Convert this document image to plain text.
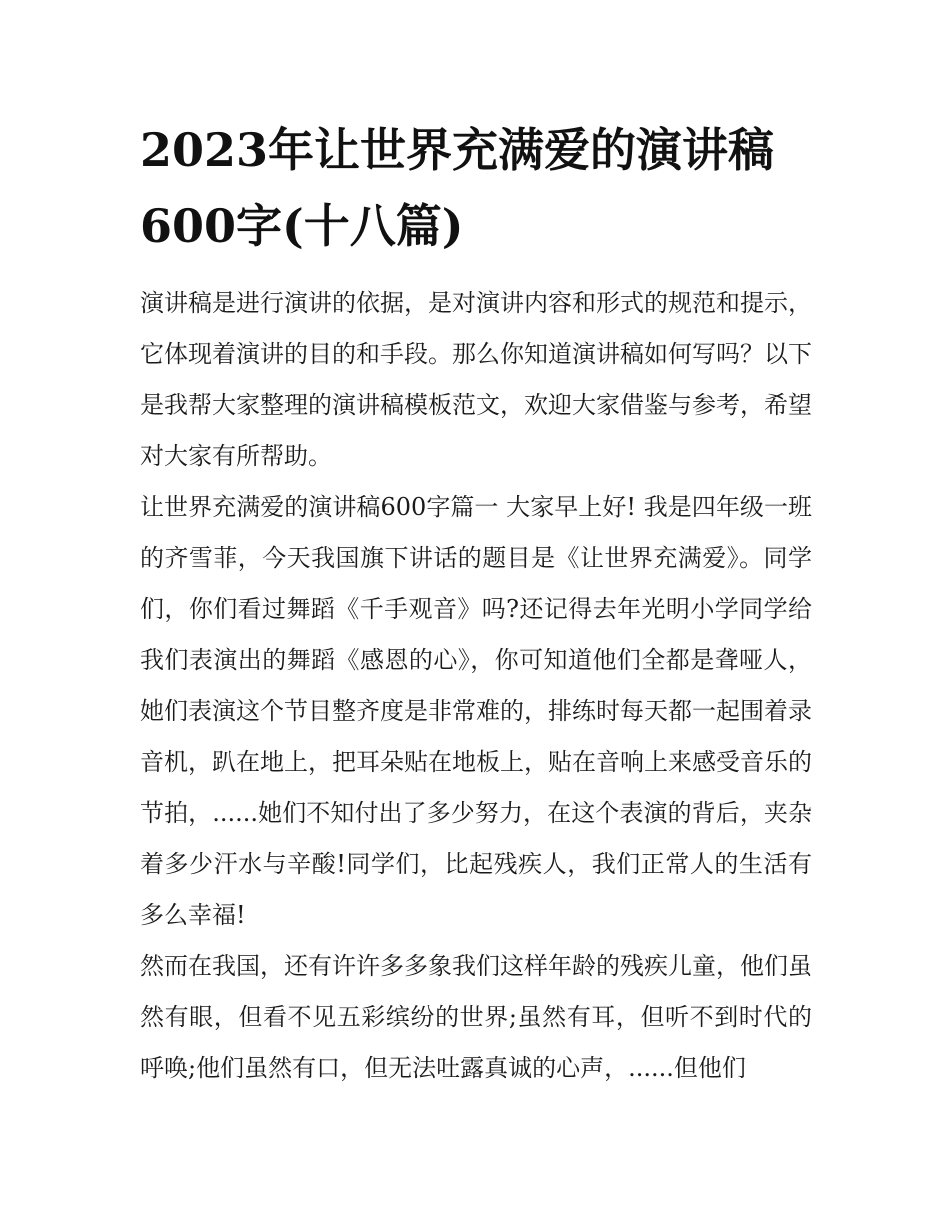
2023年让世界充满爱的演讲稿600字(十八篇)

演讲稿是进行演讲的依据，是对演讲内容和形式的规范和提示，它体现着演讲的目的和手段。那么你知道演讲稿如何写吗？以下是我帮大家整理的演讲稿模板范文，欢迎大家借鉴与参考，希望对大家有所帮助。

让世界充满爱的演讲稿600字篇一 大家早上好! 我是四年级一班的齐雪菲，今天我国旗下讲话的题目是《让世界充满爱》。同学们，你们看过舞蹈《千手观音》吗?还记得去年光明小学同学给我们表演出的舞蹈《感恩的心》，你可知道他们全都是聋哑人，她们表演这个节目整齐度是非常难的，排练时每天都一起围着录音机，趴在地上，把耳朵贴在地板上，贴在音响上来感受音乐的节拍，......她们不知付出了多少努力，在这个表演的背后，夹杂着多少汗水与辛酸!同学们，比起残疾人，我们正常人的生活有多么幸福!

然而在我国，还有许许多多象我们这样年龄的残疾儿童，他们虽然有眼，但看不见五彩缤纷的世界;虽然有耳，但听不到时代的呼唤;他们虽然有口，但无法吐露真诚的心声，......但他们
